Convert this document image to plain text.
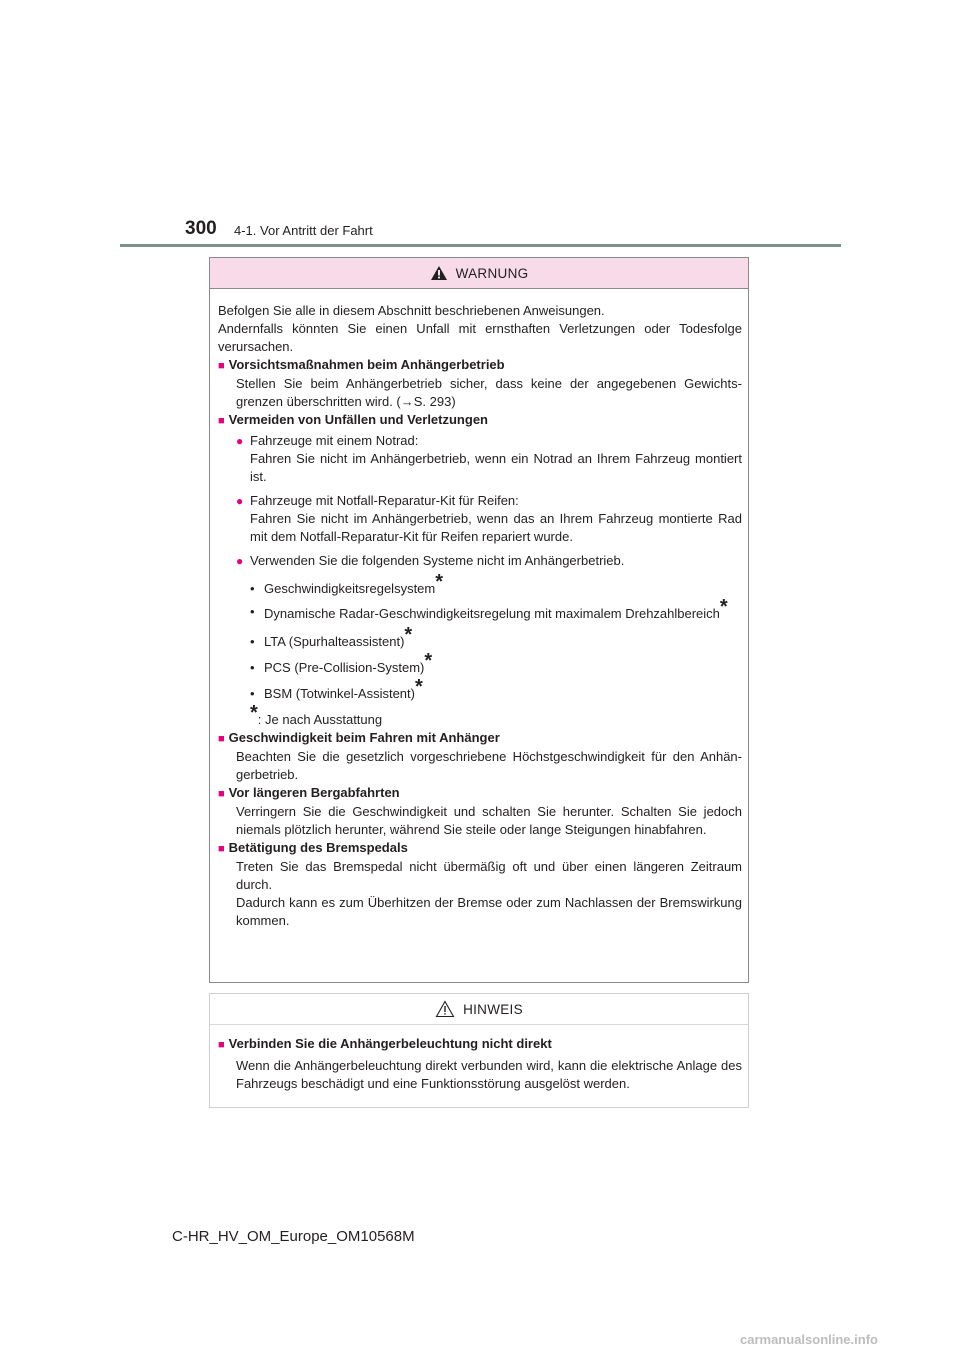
300 4-1. Vor Antritt der Fahrt
WARNUNG

Befolgen Sie alle in diesem Abschnitt beschriebenen Anweisungen.

Andernfalls könnten Sie einen Unfall mit ernsthaften Verletzungen oder Todesfolge verursachen.

■ Vorsichtsmaßnahmen beim Anhängerbetrieb

Stellen Sie beim Anhängerbetrieb sicher, dass keine der angegebenen Gewichtsgrenzen überschritten wird. (→S. 293)

■ Vermeiden von Unfällen und Verletzungen

● Fahrzeuge mit einem Notrad:
Fahren Sie nicht im Anhängerbetrieb, wenn ein Notrad an Ihrem Fahrzeug montiert ist.
● Fahrzeuge mit Notfall-Reparatur-Kit für Reifen:
Fahren Sie nicht im Anhängerbetrieb, wenn das an Ihrem Fahrzeug montierte Rad mit dem Notfall-Reparatur-Kit für Reifen repariert wurde.
● Verwenden Sie die folgenden Systeme nicht im Anhängerbetrieb.
• Geschwindigkeitsregelsystem*
• Dynamische Radar-Geschwindigkeitsregelung mit maximalem Drehzahlbereich*
• LTA (Spurhalteassistent)*
• PCS (Pre-Collision-System)*
• BSM (Totwinkel-Assistent)*

*: Je nach Ausstattung

■ Geschwindigkeit beim Fahren mit Anhänger

Beachten Sie die gesetzlich vorgeschriebene Höchstgeschwindigkeit für den Anhängerbetrieb.

■ Vor längeren Bergabfahrten

Verringern Sie die Geschwindigkeit und schalten Sie herunter. Schalten Sie jedoch niemals plötzlich herunter, während Sie steile oder lange Steigungen hinabfahren.

■ Betätigung des Bremspedals

Treten Sie das Bremspedal nicht übermäßig oft und über einen längeren Zeitraum durch.

Dadurch kann es zum Überhitzen der Bremse oder zum Nachlassen der Bremswirkung kommen.

HINWEIS

■ Verbinden Sie die Anhängerbeleuchtung nicht direkt

Wenn die Anhängerbeleuchtung direkt verbunden wird, kann die elektrische Anlage des Fahrzeugs beschädigt und eine Funktionsstörung ausgelöst werden.

C-HR_HV_OM_Europe_OM10568M
carmanualsonline.info
